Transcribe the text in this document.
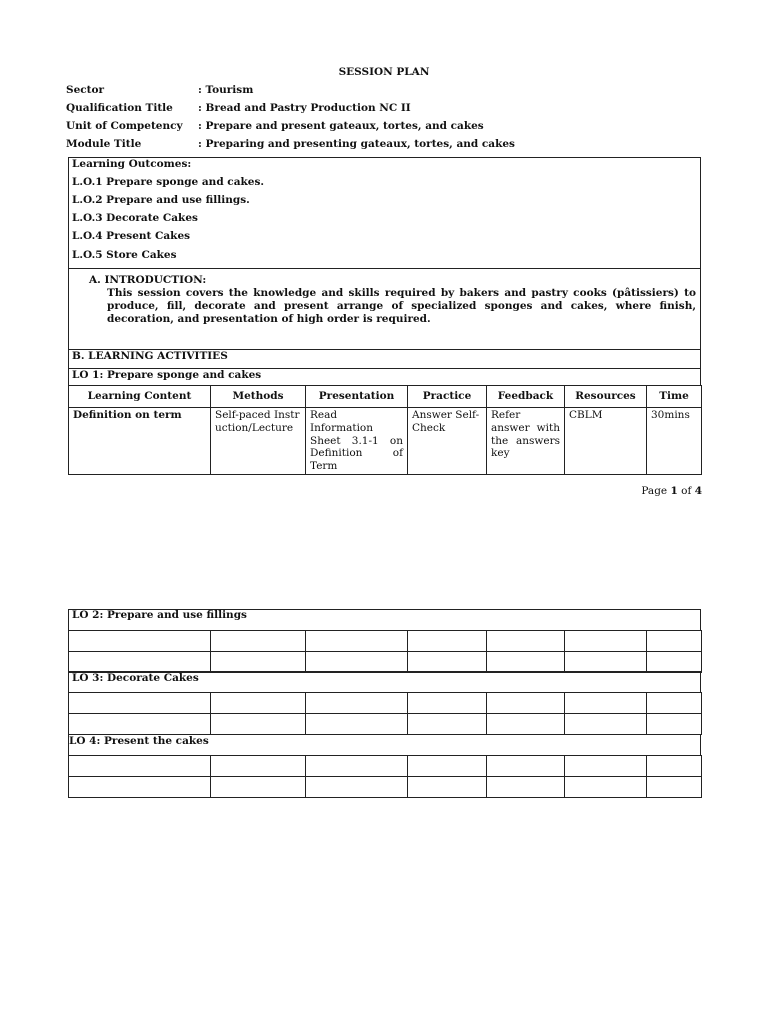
SESSION PLAN
Sector	: Tourism
Qualification Title : Bread and Pastry Production NC II
Unit of Competency : Prepare and present gateaux, tortes, and cakes
Module Title	: Preparing and presenting gateaux, tortes, and cakes
Learning Outcomes:
L.O.1 Prepare sponge and cakes.
L.O.2 Prepare and use fillings.
L.O.3 Decorate Cakes
L.O.4 Present Cakes
L.O.5 Store Cakes
A. INTRODUCTION:
This session covers the knowledge and skills required by bakers and pastry cooks (pâtissiers) to produce, fill, decorate and present arrange of specialized sponges and cakes, where finish, decoration, and presentation of high order is required.
B. LEARNING ACTIVITIES
LO 1: Prepare sponge and cakes
Learning Content	Methods	Presentation	Practice	Feedback	Resources	Time
Definition on term	Self-paced Instruction/Lecture	Read Information Sheet 3.1-1 on Definition of Term	Answer Self-Check	Refer answer with the answers key	CBLM	30mins
Page 1 of 4
LO 2: Prepare and use fillings

LO 3: Decorate Cakes

LO 4: Present the cakes
